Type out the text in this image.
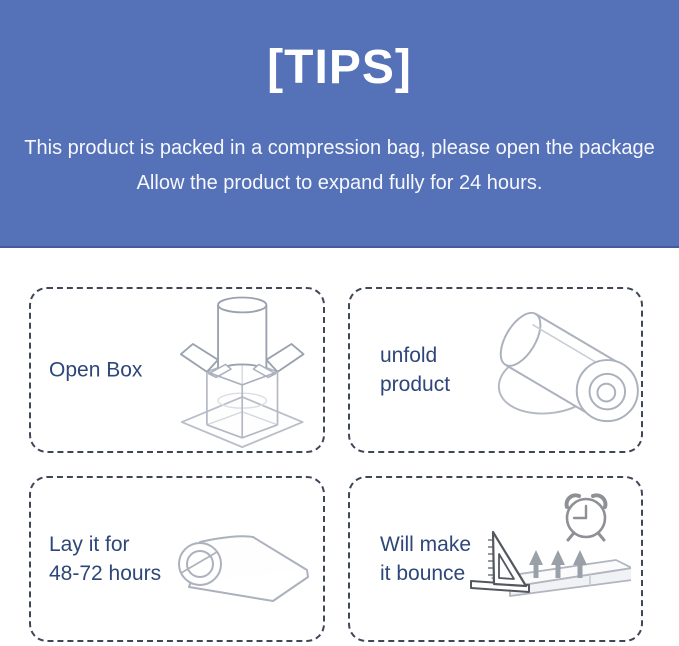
[TIPS]
This product is packed in a compression bag, please open the package
Allow the product to expand fully for 24 hours.
Open Box
unfold
product
Lay it for
48-72 hours
Will make
it bounce
